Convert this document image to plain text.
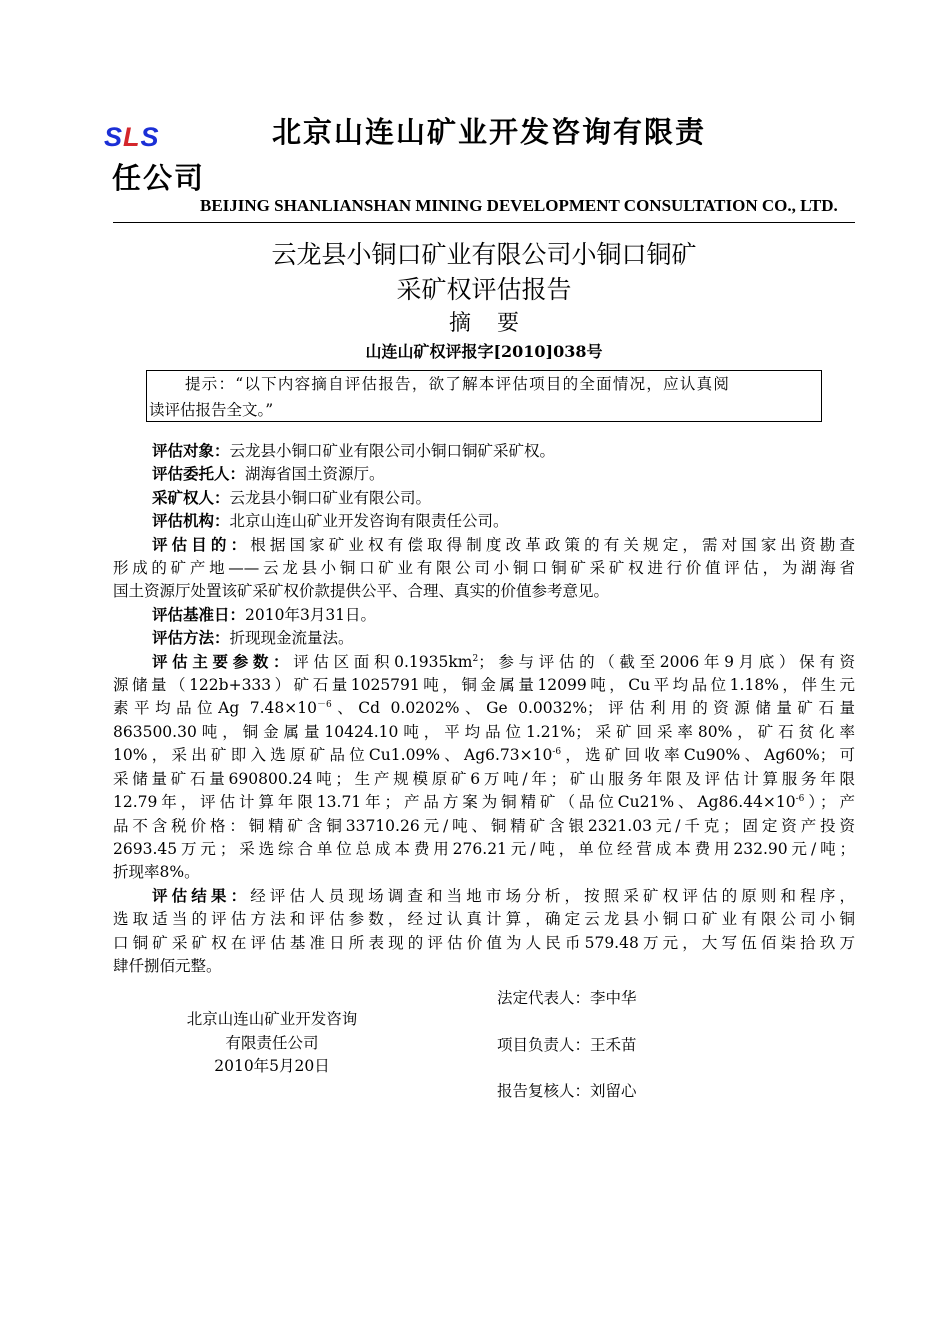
SLS	北京山连山矿业开发咨询有限责
任公司
BEIJING SHANLIANSHAN MINING DEVELOPMENT CONSULTATION CO., LTD.
云龙县小铜口矿业有限公司小铜口铜矿
采矿权评估报告
摘 要
山连山矿权评报字[2010]038号
提示：“以下内容摘自评估报告，欲了解本评估项目的全面情况，应认真阅
读评估报告全文。”
评估对象：云龙县小铜口矿业有限公司小铜口铜矿采矿权。
评估委托人：湖海省国土资源厅。
采矿权人：云龙县小铜口矿业有限公司。
评估机构：北京山连山矿业开发咨询有限责任公司。
评估目的：根据国家矿业权有偿取得制度改革政策的有关规定，需对国家出资勘查
形成的矿产地——云龙县小铜口矿业有限公司小铜口铜矿采矿权进行价值评估，为湖海省
国土资源厅处置该矿采矿权价款提供公平、合理、真实的价值参考意见。
评估基准日：2010年3月31日。
评估方法：折现现金流量法。
评估主要参数：评估区面积$0.1935km^2$；参与评估的（截至2006年9月底）保有资
源储量（122b+333）矿石量1025791吨，铜金属量12099吨，Cu平均品位1.18%，伴生元
素平均品位Ag $7.48\times 10^{-6}$、Cd 0.0202%、Ge 0.0032%；评估利用的资源储量矿石量
863500.30吨，铜金属量10424.10吨，平均品位1.21%；采矿回采率80%，矿石贫化率
10%，采出矿即入选原矿品位Cu1.09%、$Ag6.73\times 10^{-6}$，选矿回收率Cu90%、Ag60%；可
采储量矿石量690800.24吨；生产规模原矿6万吨/年；矿山服务年限及评估计算服务年限
12.79年，评估计算年限13.71年；产品方案为铜精矿（品位Cu21%、$Ag86.44\times 10^{-6}$）；产
品不含税价格：铜精矿含铜33710.26元/吨、铜精矿含银2321.03元/千克；固定资产投资
2693.45万元；采选综合单位总成本费用276.21元/吨，单位经营成本费用232.90元/吨；
折现率8%。
评估结果：经评估人员现场调查和当地市场分析，按照采矿权评估的原则和程序，
选取适当的评估方法和评估参数，经过认真计算，确定云龙县小铜口矿业有限公司小铜
口铜矿采矿权在评估基准日所表现的评估价值为人民币579.48万元，大写伍佰柒拾玖万
肆仟捌佰元整。
北京山连山矿业开发咨询
有限责任公司
2010年5月20日
法定代表人：李中华
项目负责人：王禾苗
报告复核人：刘留心
